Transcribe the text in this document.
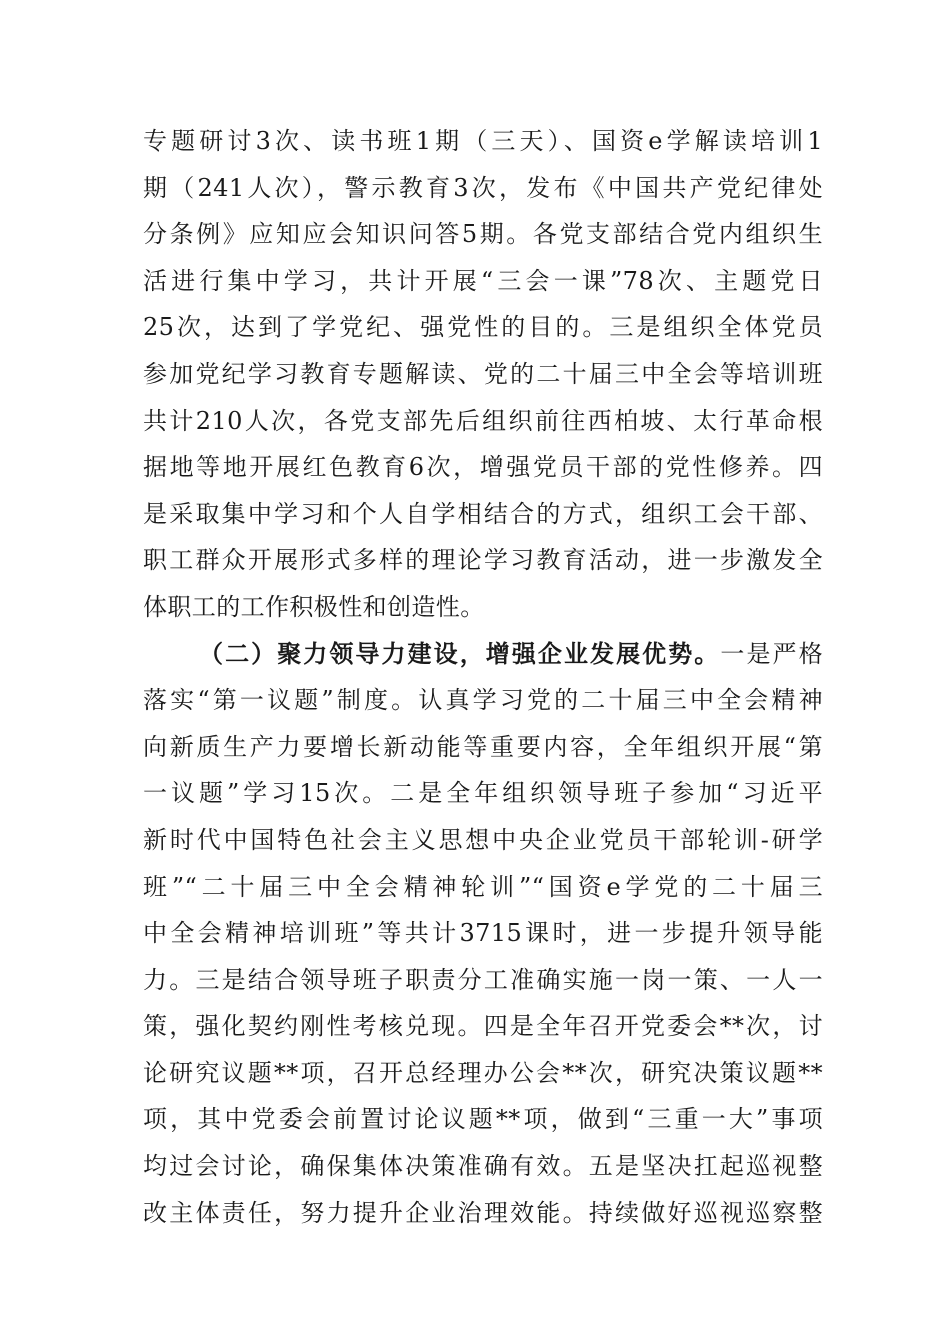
专题研讨3次、读书班1期（三天）、国资e学解读培训1
期（241人次），警示教育3次，发布《中国共产党纪律处
分条例》应知应会知识问答5期。各党支部结合党内组织生
活进行集中学习，共计开展“三会一课”78次、主题党日
25次，达到了学党纪、强党性的目的。三是组织全体党员
参加党纪学习教育专题解读、党的二十届三中全会等培训班
共计210人次，各党支部先后组织前往西柏坡、太行革命根
据地等地开展红色教育6次，增强党员干部的党性修养。四
是采取集中学习和个人自学相结合的方式，组织工会干部、
职工群众开展形式多样的理论学习教育活动，进一步激发全
体职工的工作积极性和创造性。
（二）聚力领导力建设，增强企业发展优势。一是严格
落实“第一议题”制度。认真学习党的二十届三中全会精神
向新质生产力要增长新动能等重要内容，全年组织开展“第
一议题”学习15次。二是全年组织领导班子参加“习近平
新时代中国特色社会主义思想中央企业党员干部轮训-研学
班”“二十届三中全会精神轮训”“国资e学党的二十届三
中全会精神培训班”等共计3715课时，进一步提升领导能
力。三是结合领导班子职责分工准确实施一岗一策、一人一
策，强化契约刚性考核兑现。四是全年召开党委会**次，讨
论研究议题**项，召开总经理办公会**次，研究决策议题**
项，其中党委会前置讨论议题**项，做到“三重一大”事项
均过会讨论，确保集体决策准确有效。五是坚决扛起巡视整
改主体责任，努力提升企业治理效能。持续做好巡视巡察整
